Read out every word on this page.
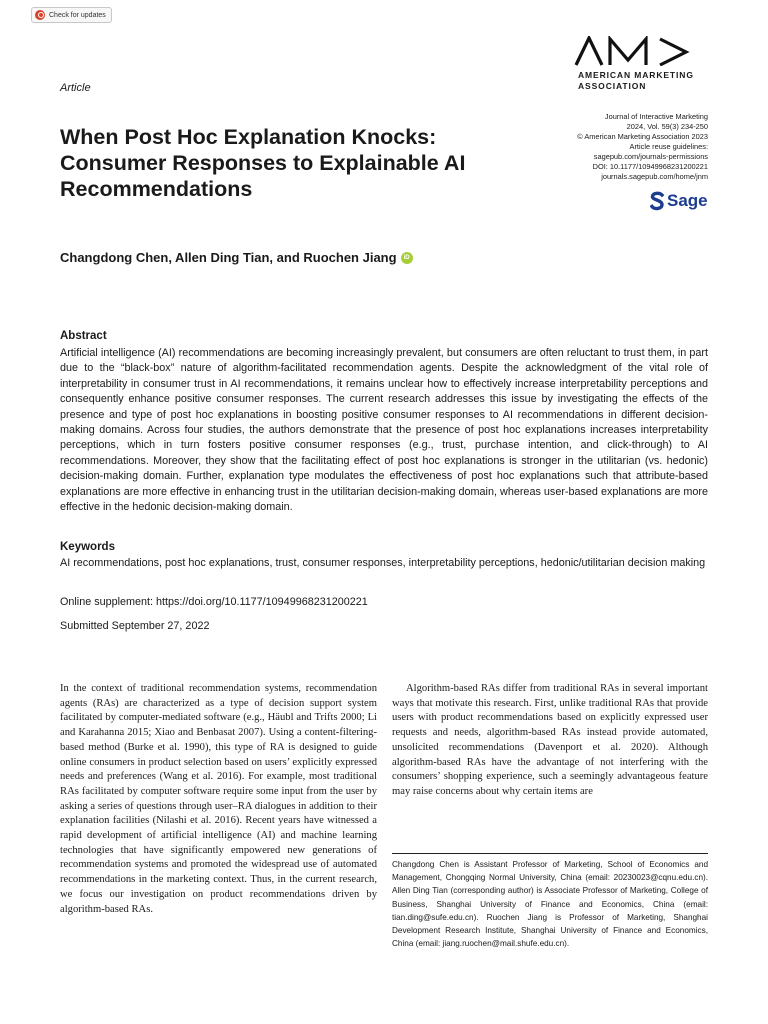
Check for updates
Article
AMERICAN MARKETING
ASSOCIATION
When Post Hoc Explanation Knocks: Consumer Responses to Explainable AI Recommendations
Journal of Interactive Marketing
2024, Vol. 59(3) 234-250
© American Marketing Association 2023
Article reuse guidelines:
sagepub.com/journals-permissions
DOI: 10.1177/10949968231200221
journals.sagepub.com/home/jnm
Sage
Changdong Chen, Allen Ding Tian, and Ruochen Jiang	iD
Abstract

Artificial intelligence (AI) recommendations are becoming increasingly prevalent, but consumers are often reluctant to trust them, in part due to the “black-box” nature of algorithm-facilitated recommendation agents. Despite the acknowledgment of the vital role of interpretability in consumer trust in AI recommendations, it remains unclear how to effectively increase interpretability perceptions and consequently enhance positive consumer responses. The current research addresses this issue by investigating the effects of the presence and type of post hoc explanations in boosting positive consumer responses to AI recommendations in different decision-making domains. Across four studies, the authors demonstrate that the presence of post hoc explanations increases interpretability perceptions, which in turn fosters positive consumer responses (e.g., trust, purchase intention, and click-through) to AI recommendations. Moreover, they show that the facilitating effect of post hoc explanations is stronger in the utilitarian (vs. hedonic) decision-making domain. Further, explanation type modulates the effectiveness of post hoc explanations such that attribute-based explanations are more effective in enhancing trust in the utilitarian decision-making domain, whereas user-based explanations are more effective in the hedonic decision-making domain.

Keywords

AI recommendations, post hoc explanations, trust, consumer responses, interpretability perceptions, hedonic/utilitarian decision making

Online supplement: https://doi.org/10.1177/10949968231200221
Submitted September 27, 2022

In the context of traditional recommendation systems, recommendation agents (RAs) are characterized as a type of decision support system facilitated by computer-mediated software (e.g., Häubl and Trifts 2000; Li and Karahanna 2015; Xiao and Benbasat 2007). Using a content-filtering-based method (Burke et al. 1990), this type of RA is designed to guide online consumers in product selection based on users’ explicitly expressed needs and preferences (Wang et al. 2016). For example, most traditional RAs facilitated by computer software require some input from the user by asking a series of questions through user–RA dialogues in addition to their explanation facilities (Nilashi et al. 2016). Recent years have witnessed a rapid development of artificial intelligence (AI) and machine learning technologies that have significantly empowered new generations of recommendation systems and promoted the widespread use of automated recommendations in the marketing context. Thus, in the current research, we focus our investigation on product recommendations driven by algorithm-based RAs.

Algorithm-based RAs differ from traditional RAs in several important ways that motivate this research. First, unlike traditional RAs that provide users with product recommendations based on explicitly expressed user requests and needs, algorithm-based RAs instead provide automated, unsolicited recommendations (Davenport et al. 2020). Although algorithm-based RAs have the advantage of not interfering with the consumers’ shopping experience, such a seemingly advantageous feature may raise concerns about why certain items are

Changdong Chen is Assistant Professor of Marketing, School of Economics and Management, Chongqing Normal University, China (email: 20230023@cqnu.edu.cn). Allen Ding Tian (corresponding author) is Associate Professor of Marketing, College of Business, Shanghai University of Finance and Economics, China (email: tian.ding@sufe.edu.cn). Ruochen Jiang is Professor of Marketing, Shanghai Development Research Institute, Shanghai University of Finance and Economics, China (email: jiang.ruochen@mail.shufe.edu.cn).
